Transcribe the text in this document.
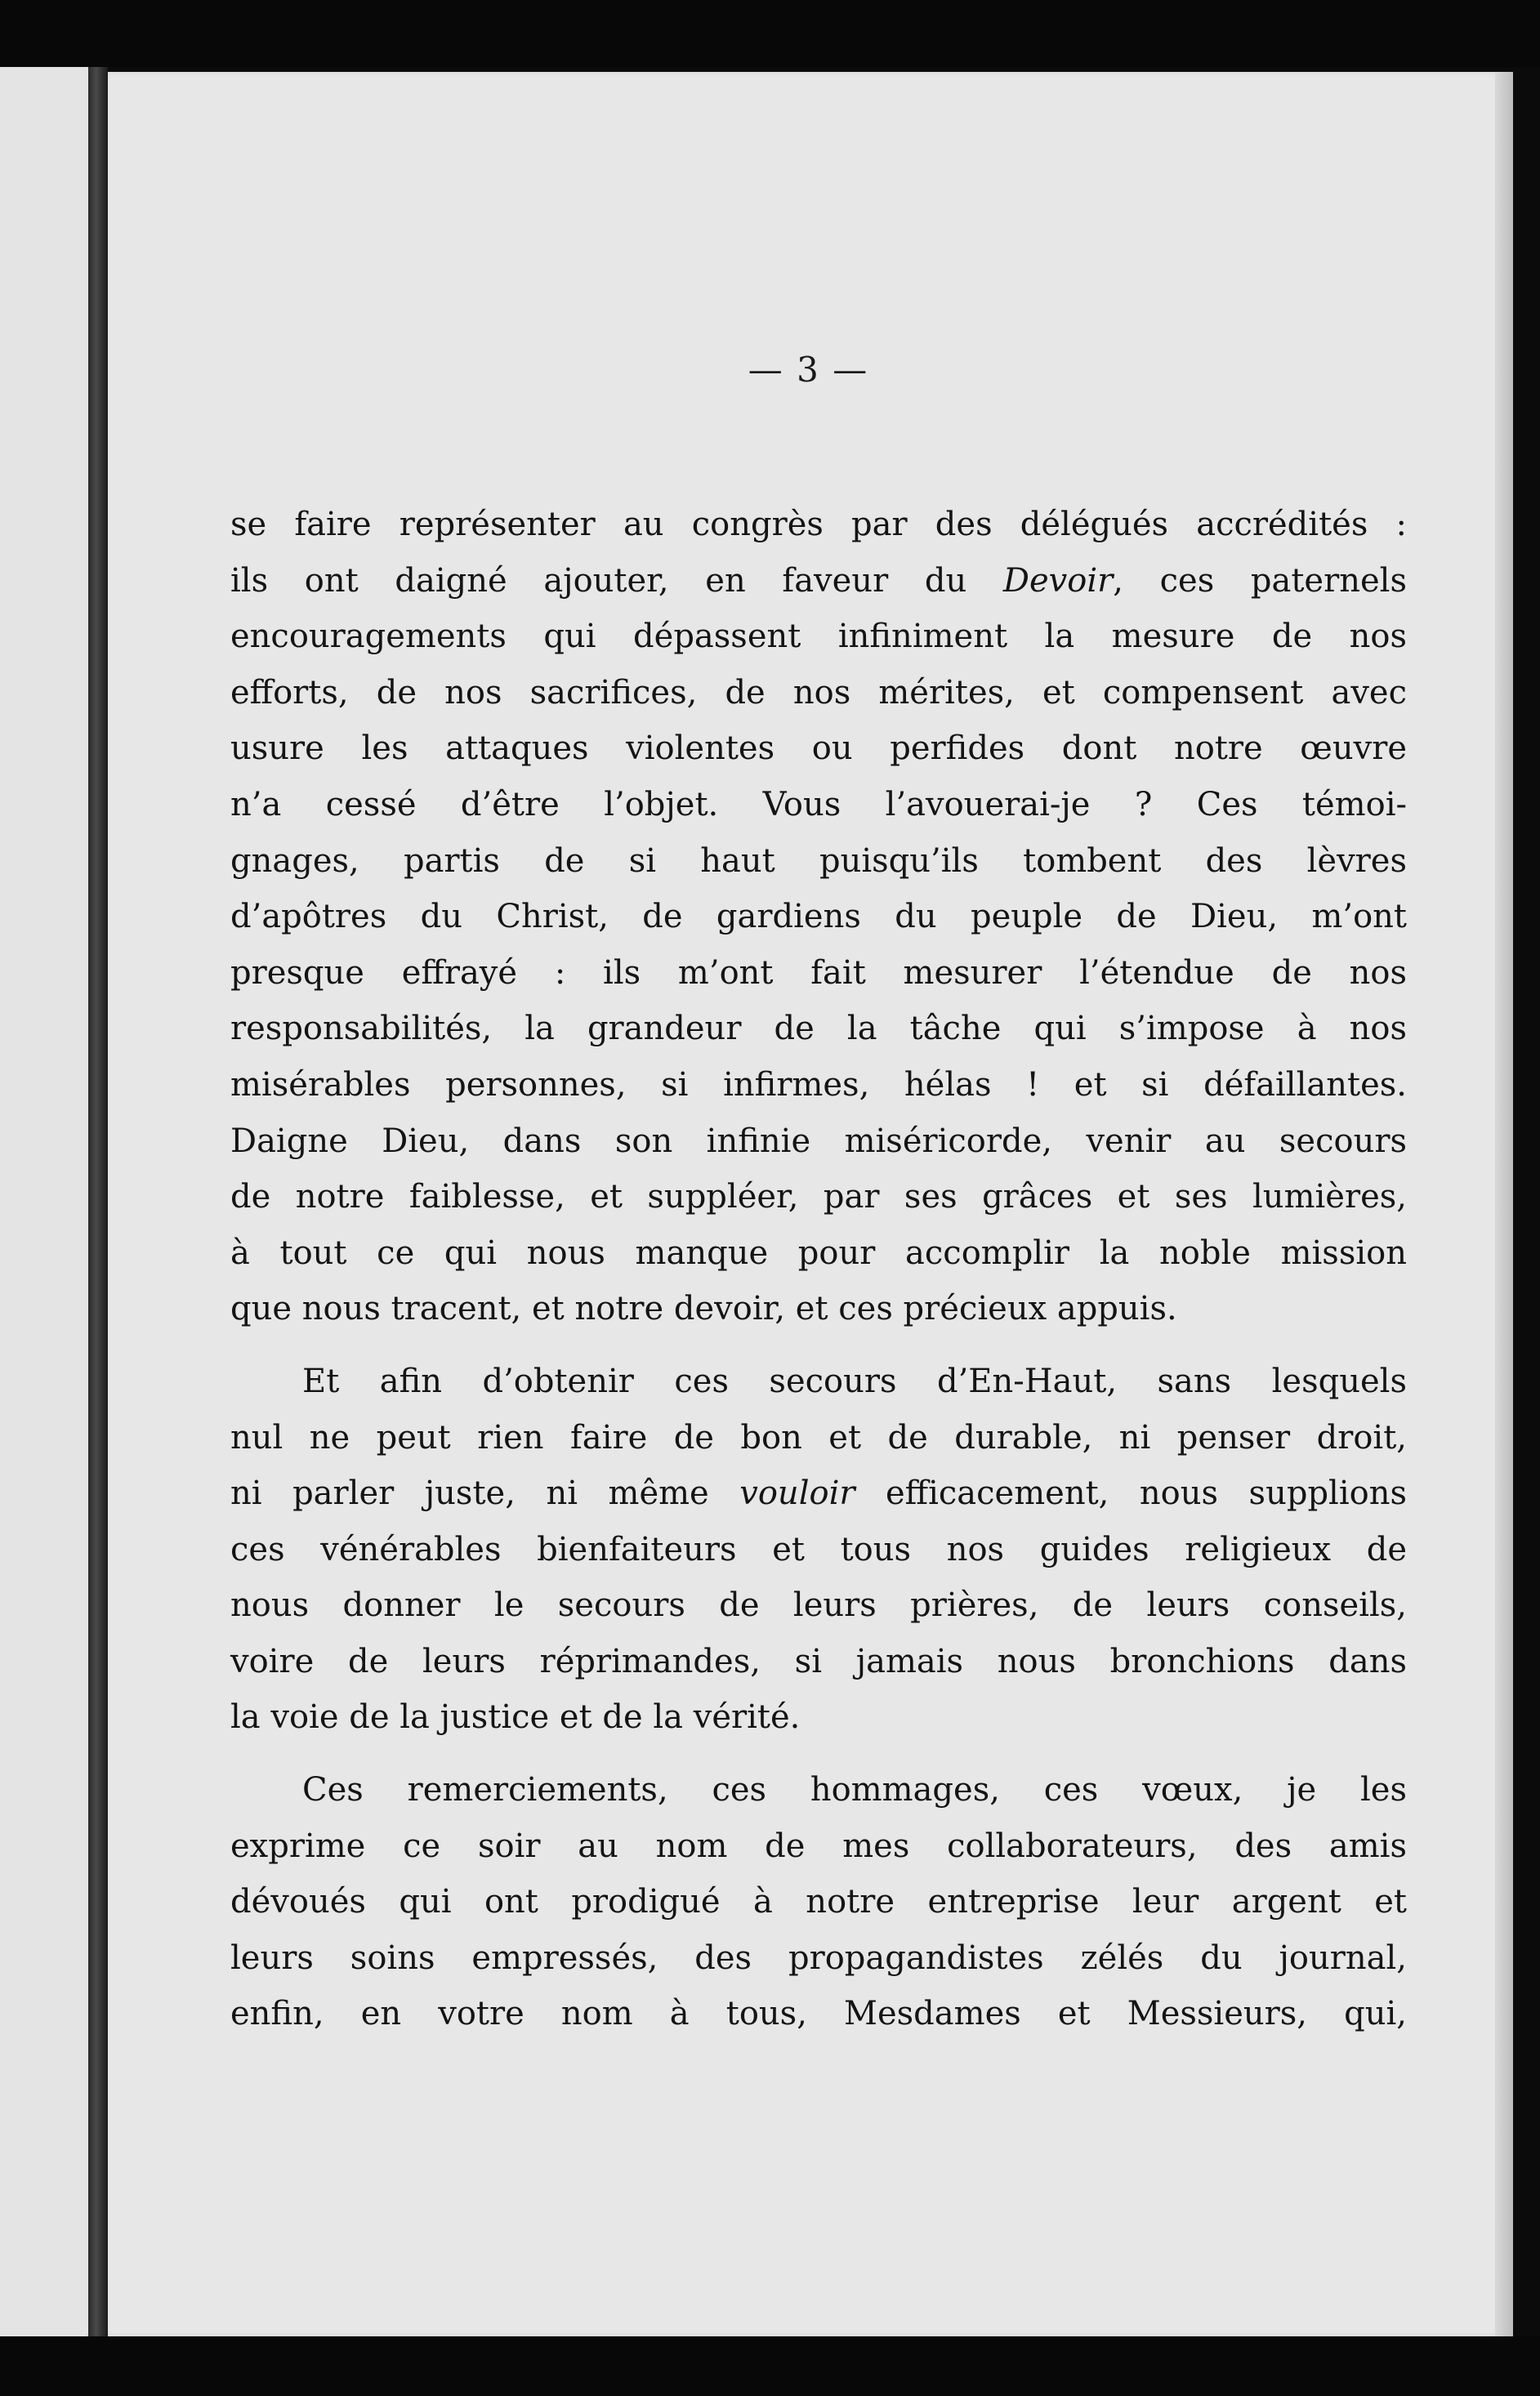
— 3 —

se faire représenter au congrès par des délégués accrédités :
ils ont daigné ajouter, en faveur du Devoir, ces paternels
encouragements qui dépassent infiniment la mesure de nos
efforts, de nos sacrifices, de nos mérites, et compensent avec
usure les attaques violentes ou perfides dont notre œuvre
n’a cessé d’être l’objet. Vous l’avouerai-je ? Ces témoi-
gnages, partis de si haut puisqu’ils tombent des lèvres
d’apôtres du Christ, de gardiens du peuple de Dieu, m’ont
presque effrayé : ils m’ont fait mesurer l’étendue de nos
responsabilités, la grandeur de la tâche qui s’impose à nos
misérables personnes, si infirmes, hélas ! et si défaillantes.
Daigne Dieu, dans son infinie miséricorde, venir au secours
de notre faiblesse, et suppléer, par ses grâces et ses lumières,
à tout ce qui nous manque pour accomplir la noble mission
que nous tracent, et notre devoir, et ces précieux appuis.

Et afin d’obtenir ces secours d’En-Haut, sans lesquels
nul ne peut rien faire de bon et de durable, ni penser droit,
ni parler juste, ni même vouloir efficacement, nous supplions
ces vénérables bienfaiteurs et tous nos guides religieux de
nous donner le secours de leurs prières, de leurs conseils,
voire de leurs réprimandes, si jamais nous bronchions dans
la voie de la justice et de la vérité.

Ces remerciements, ces hommages, ces vœux, je les
exprime ce soir au nom de mes collaborateurs, des amis
dévoués qui ont prodigué à notre entreprise leur argent et
leurs soins empressés, des propagandistes zélés du journal,
enfin, en votre nom à tous, Mesdames et Messieurs, qui,
